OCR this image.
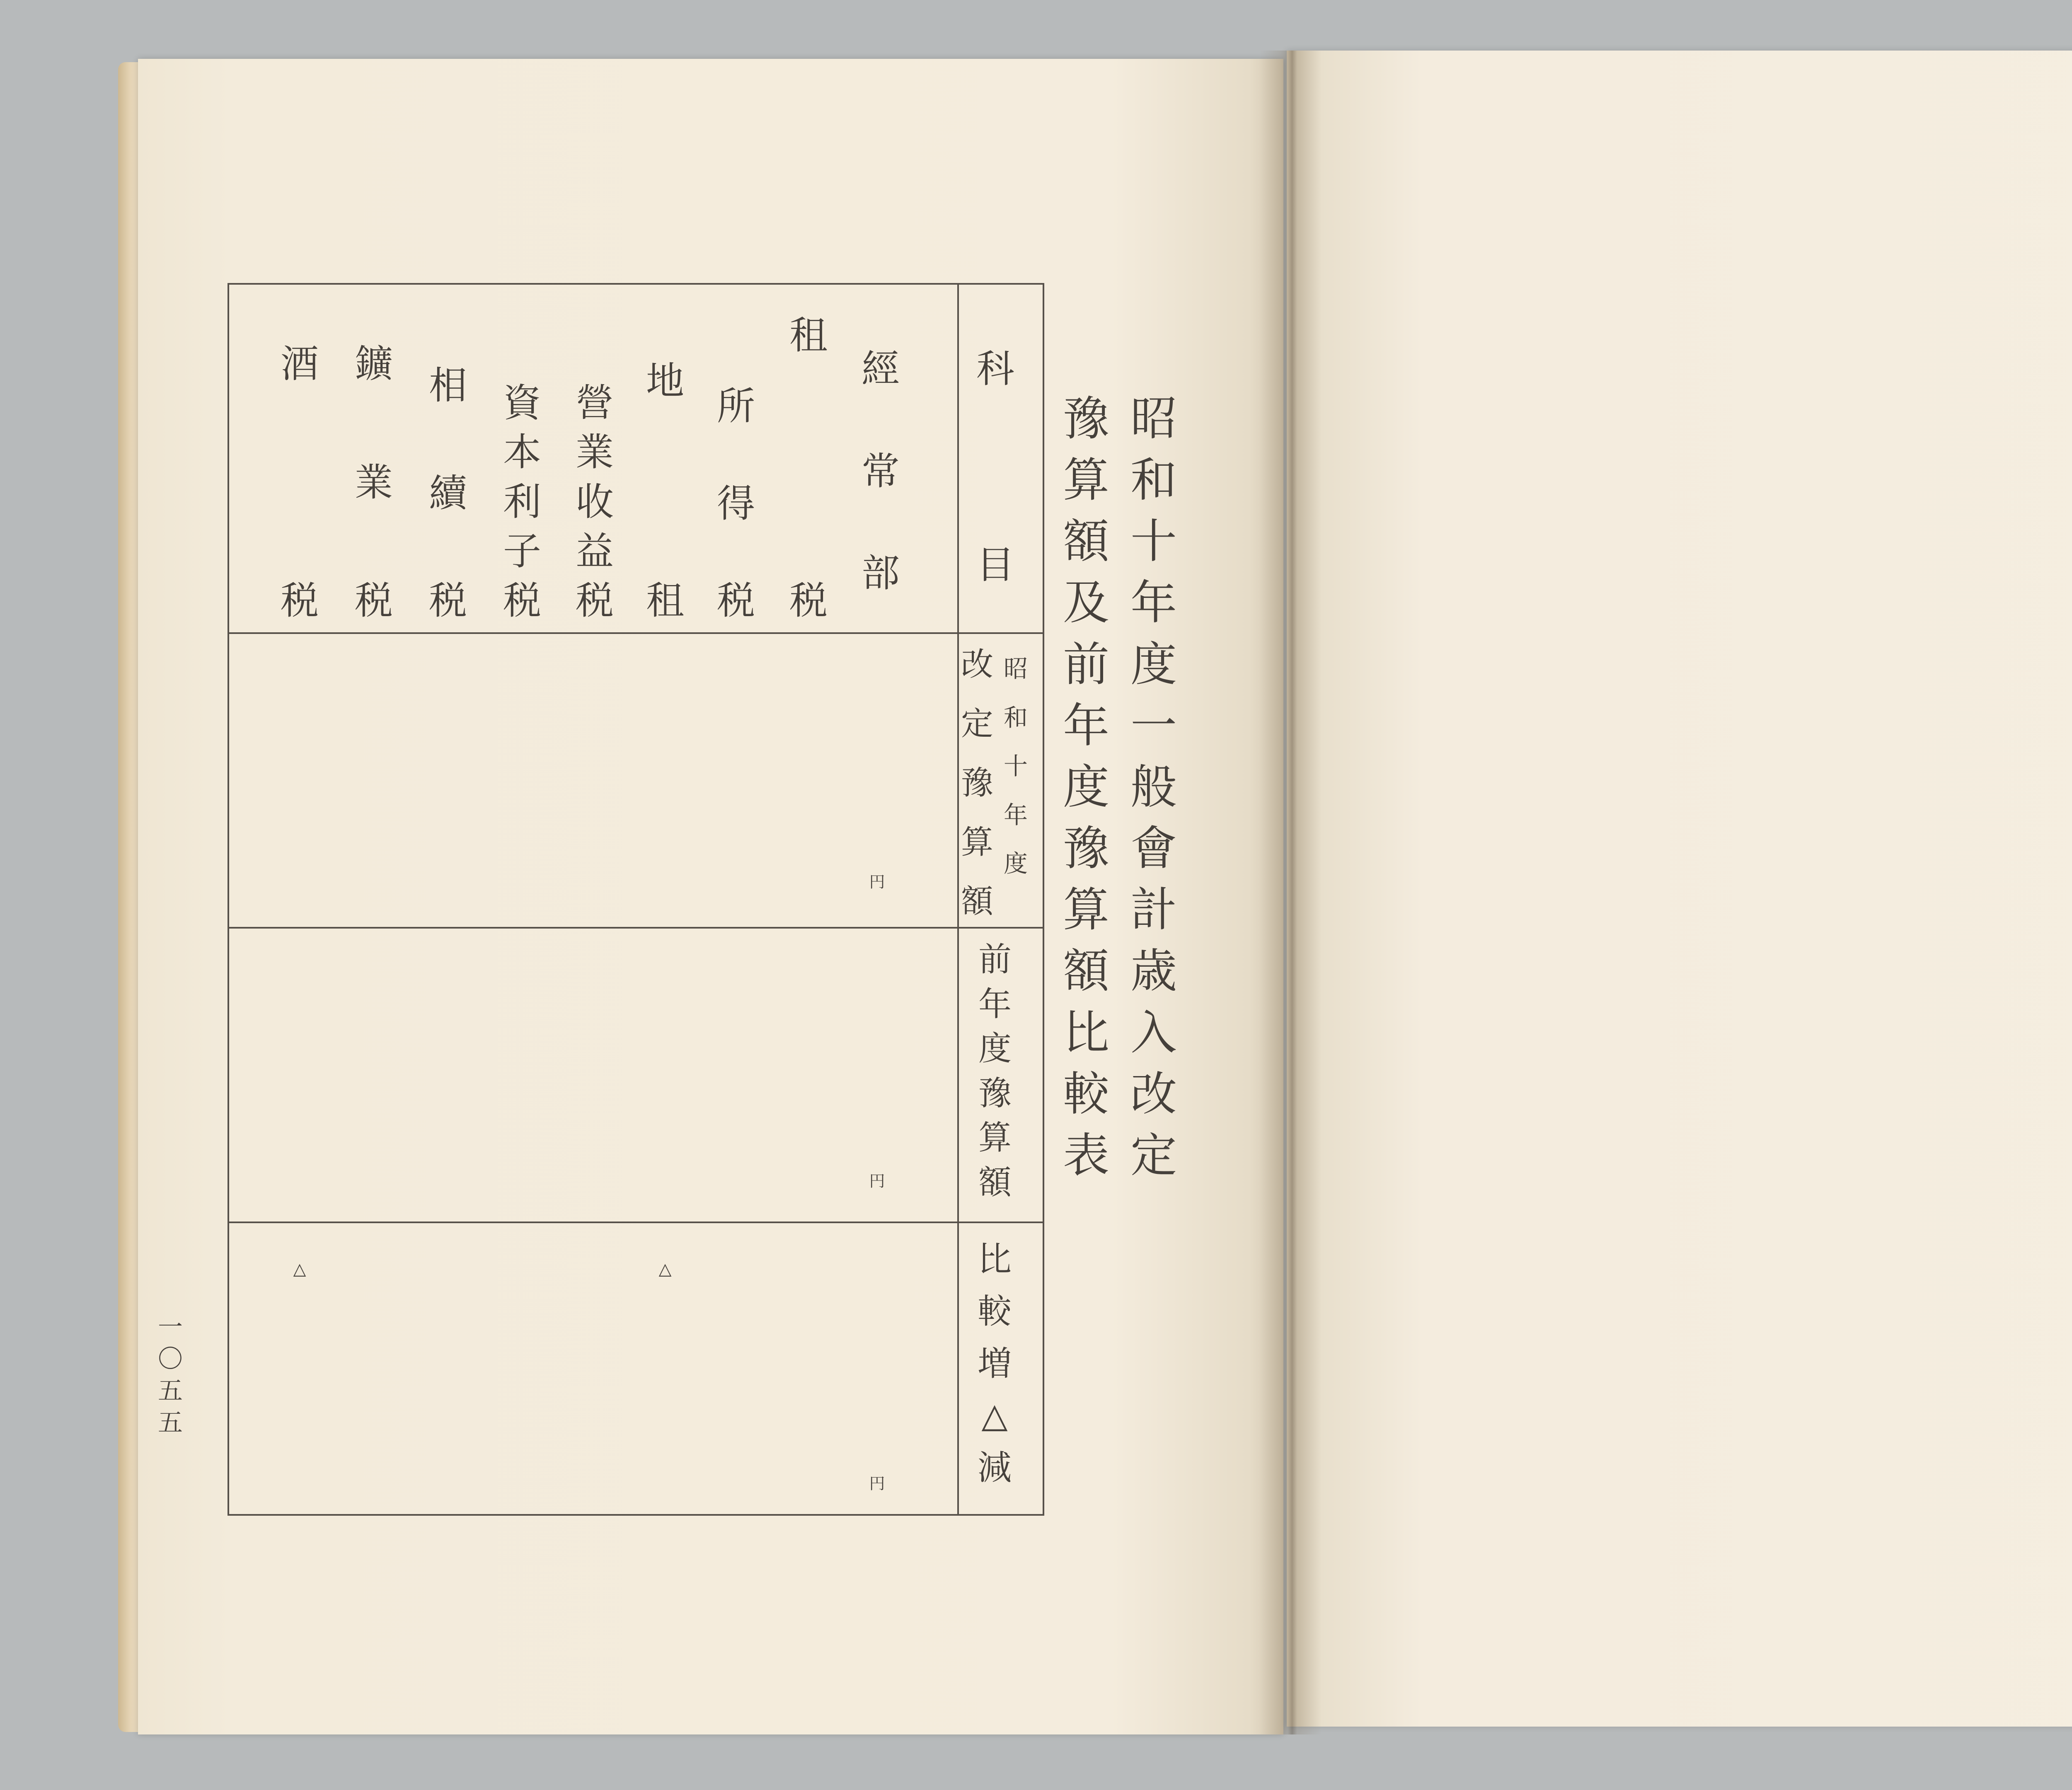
昭
和
十
年
度
一
般
會
計
歳
入
改
定
豫
算
額
及
前
年
度
豫
算
額
比
較
表
科
目
昭
和
十
年
度
改
定
豫
算
額
前
年
度
豫
算
額
比
較
増
△
減
經
常
部
円
円
円
租
税
所
得
税
地
租
△
營
業
收
益
税
資
本
利
子
税
相
續
税
鑛
業
税
酒
税
△
一〇五五
